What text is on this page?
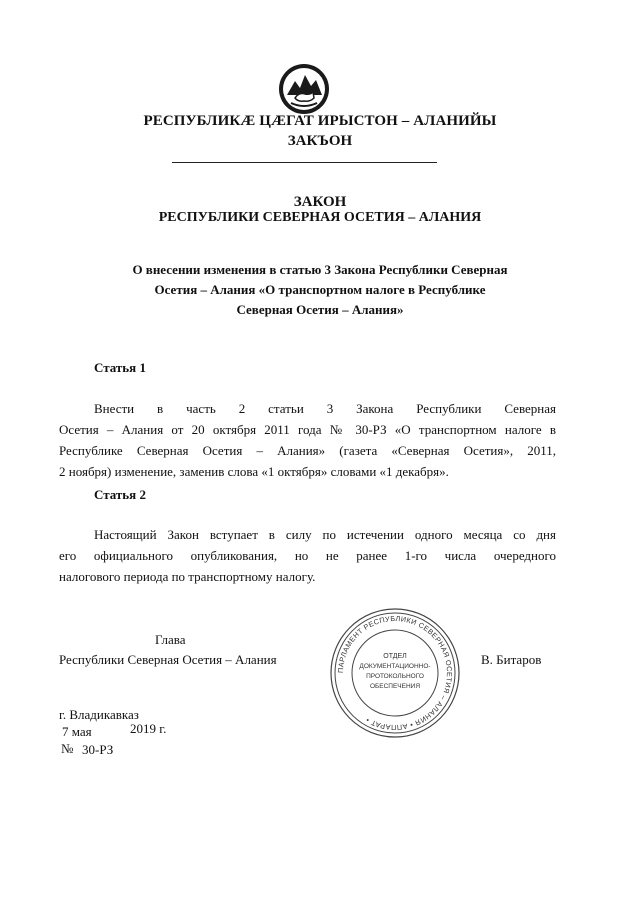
РЕСПУБЛИКӔ ЦӔГАТ ИРЫСТОН – АЛАНИЙЫ
ЗАКЪОН
ЗАКОН
РЕСПУБЛИКИ СЕВЕРНАЯ ОСЕТИЯ – АЛАНИЯ
О внесении изменения в статью 3 Закона Республики Северная
Осетия – Алания «О транспортном налоге в Республике
Северная Осетия – Алания»
Статья 1
Внести в часть 2 статьи 3 Закона Республики Северная
Осетия – Алания от 20 октября 2011 года № 30-РЗ «О транспортном налоге в
Республике Северная Осетия – Алания» (газета «Северная Осетия», 2011,
2 ноября) изменение, заменив слова «1 октября» словами «1 декабря».
Статья 2
Настоящий Закон вступает в силу по истечении одного месяца со дня
его официального опубликования, но не ранее 1-го числа очередного
налогового периода по транспортному налогу.
Глава
Республики Северная Осетия – Алания	В. Битаров
ПАРЛАМЕНТ РЕСПУБЛИКИ СЕВЕРНАЯ ОСЕТИЯ – АЛАНИЯ • АППАРАТ •
ОТДЕЛ
ДОКУМЕНТАЦИОННО-
ПРОТОКОЛЬНОГО
ОБЕСПЕЧЕНИЯ
г. Владикавказ
7 мая	2019 г.
№ 30-РЗ
